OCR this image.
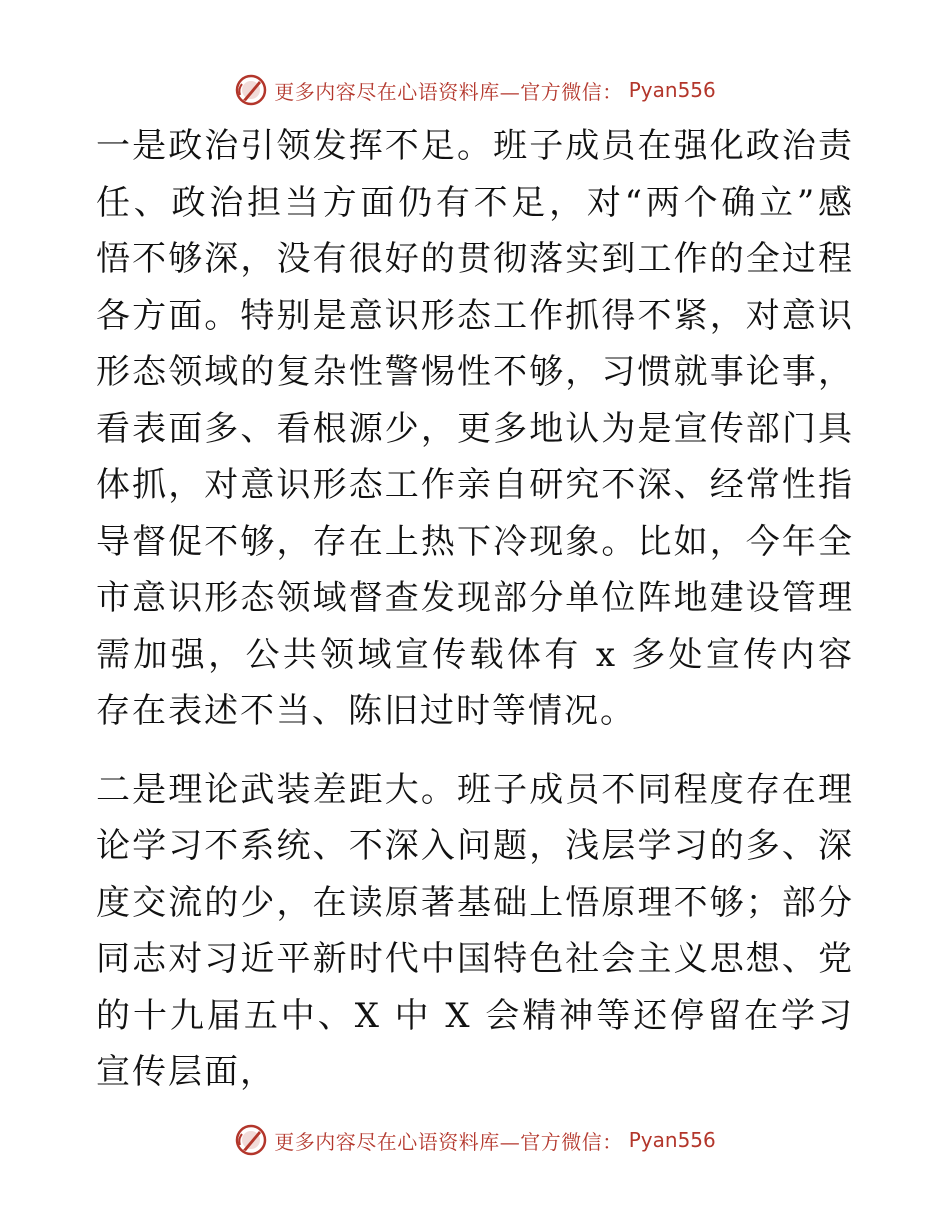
更多内容尽在心语资料库—官方微信： Pyan556

一是政治引领发挥不足。班子成员在强化政治责任、政治担当方面仍有不足，对“两个确立”感悟不够深，没有很好的贯彻落实到工作的全过程各方面。特别是意识形态工作抓得不紧，对意识形态领域的复杂性警惕性不够，习惯就事论事，看表面多、看根源少，更多地认为是宣传部门具体抓，对意识形态工作亲自研究不深、经常性指导督促不够，存在上热下冷现象。比如，今年全市意识形态领域督查发现部分单位阵地建设管理需加强，公共领域宣传载体有 x 多处宣传内容存在表述不当、陈旧过时等情况。

二是理论武装差距大。班子成员不同程度存在理论学习不系统、不深入问题，浅层学习的多、深度交流的少，在读原著基础上悟原理不够；部分同志对习近平新时代中国特色社会主义思想、党的十九届五中、X 中 X 会精神等还停留在学习宣传层面，

更多内容尽在心语资料库—官方微信： Pyan556
